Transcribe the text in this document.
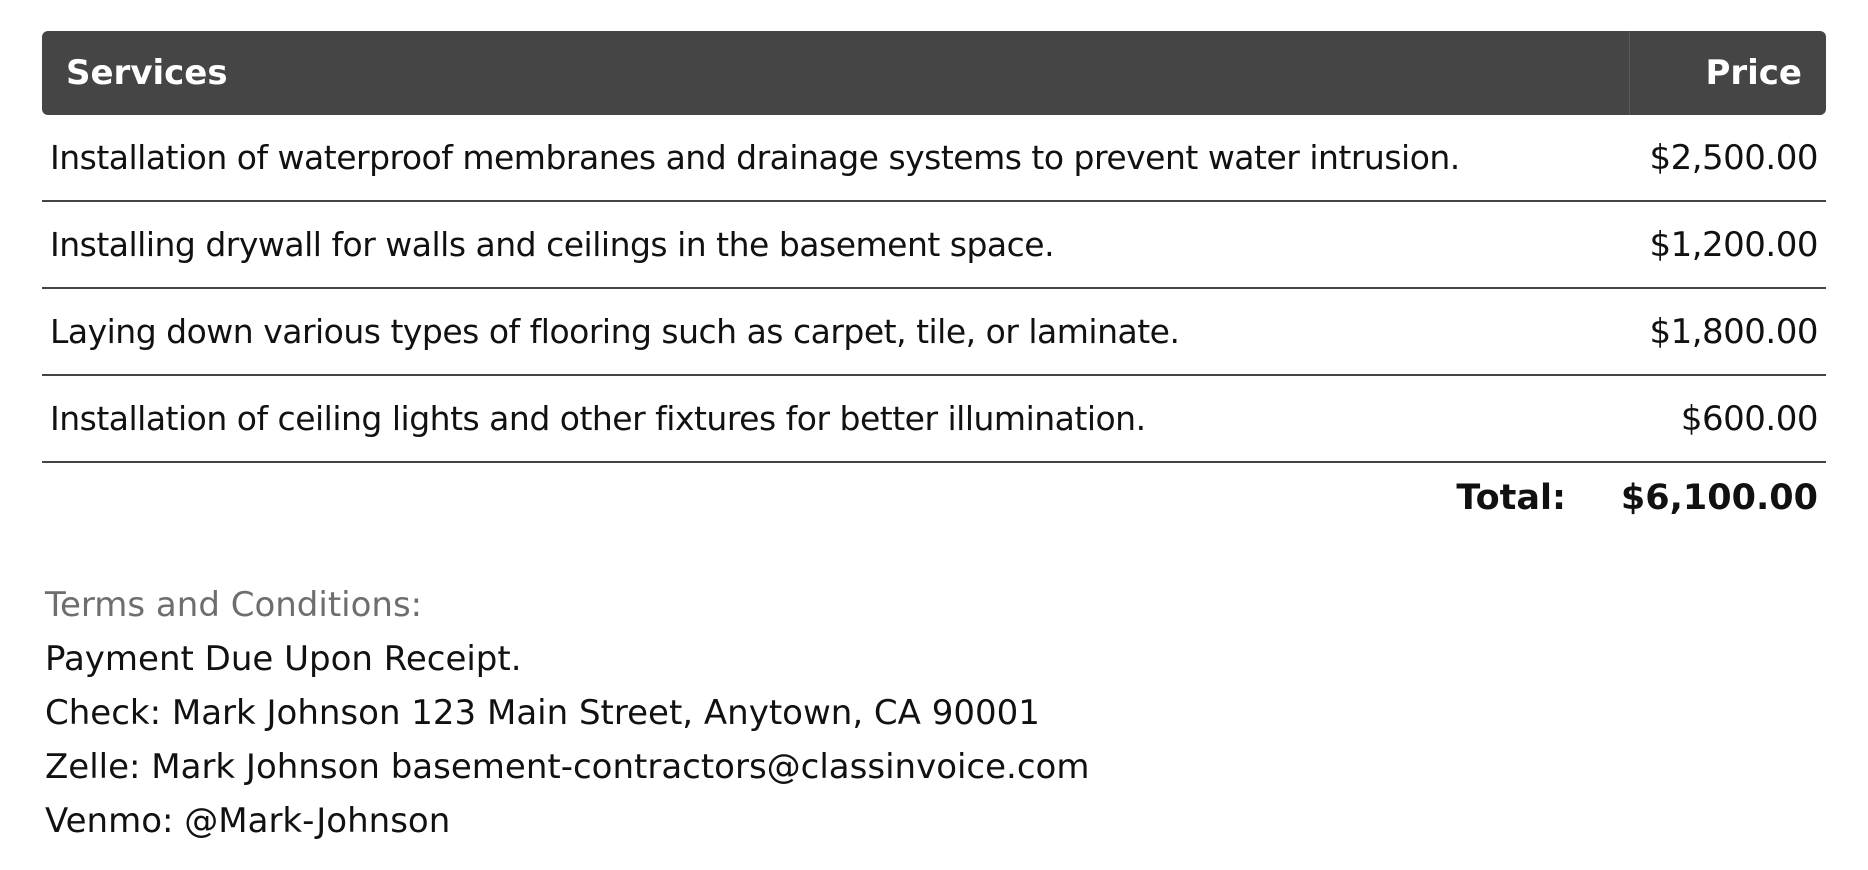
Services	Price
Installation of waterproof membranes and drainage systems to prevent water intrusion.	$2,500.00
Installing drywall for walls and ceilings in the basement space.	$1,200.00
Laying down various types of flooring such as carpet, tile, or laminate.	$1,800.00
Installation of ceiling lights and other fixtures for better illumination.	$600.00
Total: $6,100.00
Terms and Conditions:
Payment Due Upon Receipt.
Check: Mark Johnson 123 Main Street, Anytown, CA 90001
Zelle: Mark Johnson basement-contractors@classinvoice.com
Venmo: @Mark-Johnson
